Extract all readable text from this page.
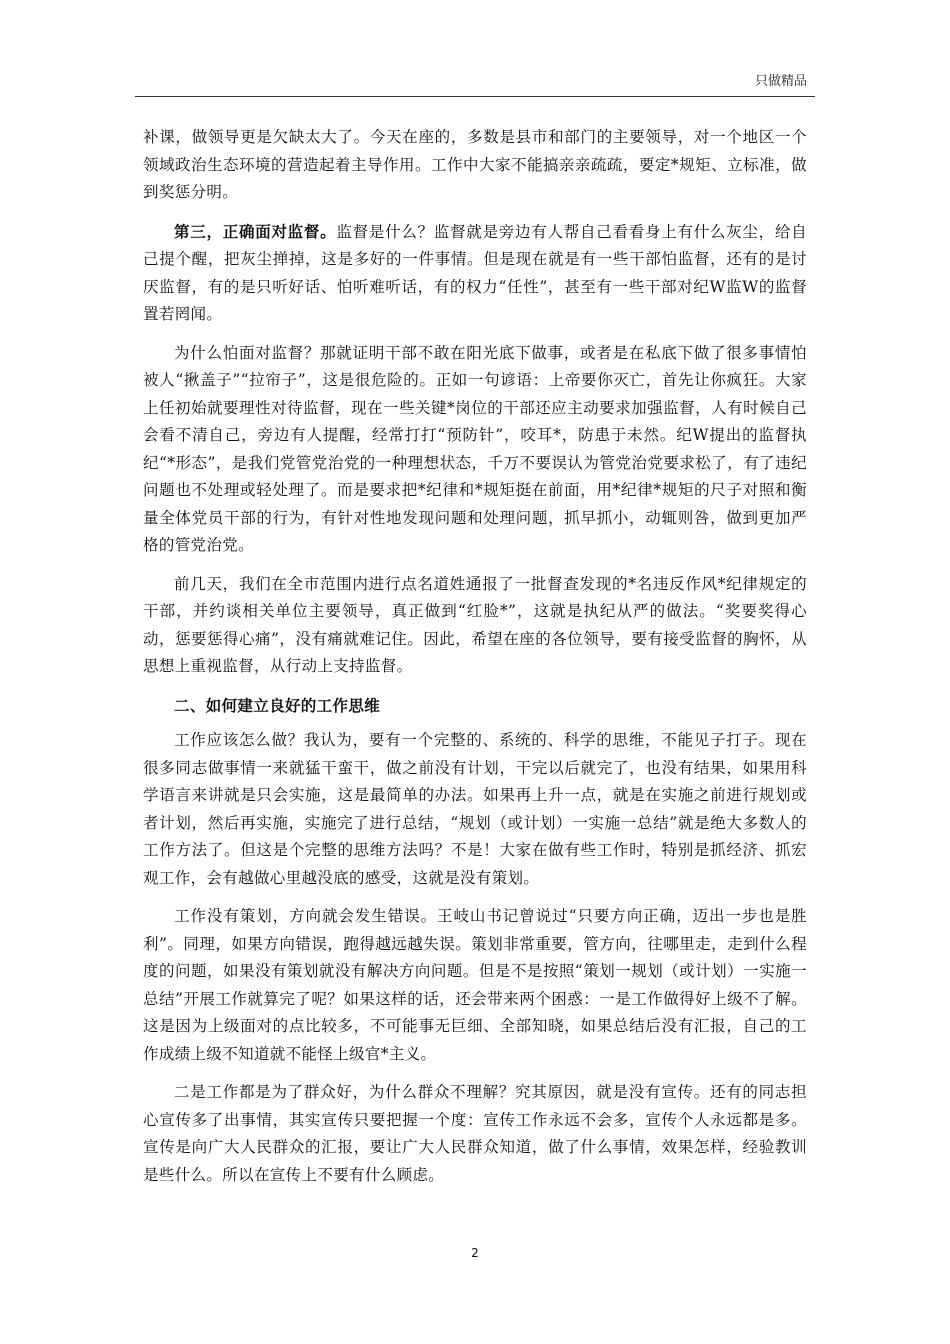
只做精品

补课，做领导更是欠缺太大了。今天在座的，多数是县市和部门的主要领导，对一个地区一个领域政治生态环境的营造起着主导作用。工作中大家不能搞亲亲疏疏，要定*规矩、立标准，做到奖惩分明。

第三，正确面对监督。监督是什么？监督就是旁边有人帮自己看看身上有什么灰尘，给自己提个醒，把灰尘掸掉，这是多好的一件事情。但是现在就是有一些干部怕监督，还有的是讨厌监督，有的是只听好话、怕听难听话，有的权力“任性”，甚至有一些干部对纪W监W的监督置若罔闻。

为什么怕面对监督？那就证明干部不敢在阳光底下做事，或者是在私底下做了很多事情怕被人“揪盖子”“拉帘子”，这是很危险的。正如一句谚语：上帝要你灭亡，首先让你疯狂。大家上任初始就要理性对待监督，现在一些关键*岗位的干部还应主动要求加强监督，人有时候自己会看不清自己，旁边有人提醒，经常打打“预防针”，咬耳*，防患于未然。纪W提出的监督执纪“*形态”，是我们党管党治党的一种理想状态，千万不要误认为管党治党要求松了，有了违纪问题也不处理或轻处理了。而是要求把*纪律和*规矩挺在前面，用*纪律*规矩的尺子对照和衡量全体党员干部的行为，有针对性地发现问题和处理问题，抓早抓小，动辄则咎，做到更加严格的管党治党。

前几天，我们在全市范围内进行点名道姓通报了一批督查发现的*名违反作风*纪律规定的干部，并约谈相关单位主要领导，真正做到“红脸*”，这就是执纪从严的做法。“奖要奖得心动，惩要惩得心痛”，没有痛就难记住。因此，希望在座的各位领导，要有接受监督的胸怀，从思想上重视监督，从行动上支持监督。

二、如何建立良好的工作思维

工作应该怎么做？我认为，要有一个完整的、系统的、科学的思维，不能见子打子。现在很多同志做事情一来就猛干蛮干，做之前没有计划，干完以后就完了，也没有结果，如果用科学语言来讲就是只会实施，这是最简单的办法。如果再上升一点，就是在实施之前进行规划或者计划，然后再实施，实施完了进行总结，“规划（或计划）一实施一总结”就是绝大多数人的工作方法了。但这是个完整的思维方法吗？不是！大家在做有些工作时，特别是抓经济、抓宏观工作，会有越做心里越没底的感受，这就是没有策划。

工作没有策划，方向就会发生错误。王岐山书记曾说过“只要方向正确，迈出一步也是胜利”。同理，如果方向错误，跑得越远越失误。策划非常重要，管方向，往哪里走，走到什么程度的问题，如果没有策划就没有解决方向问题。但是不是按照“策划一规划（或计划）一实施一总结”开展工作就算完了呢？如果这样的话，还会带来两个困惑：一是工作做得好上级不了解。这是因为上级面对的点比较多，不可能事无巨细、全部知晓，如果总结后没有汇报，自己的工作成绩上级不知道就不能怪上级官*主义。

二是工作都是为了群众好，为什么群众不理解？究其原因，就是没有宣传。还有的同志担心宣传多了出事情，其实宣传只要把握一个度：宣传工作永远不会多，宣传个人永远都是多。宣传是向广大人民群众的汇报，要让广大人民群众知道，做了什么事情，效果怎样，经验教训是些什么。所以在宣传上不要有什么顾虑。

2
